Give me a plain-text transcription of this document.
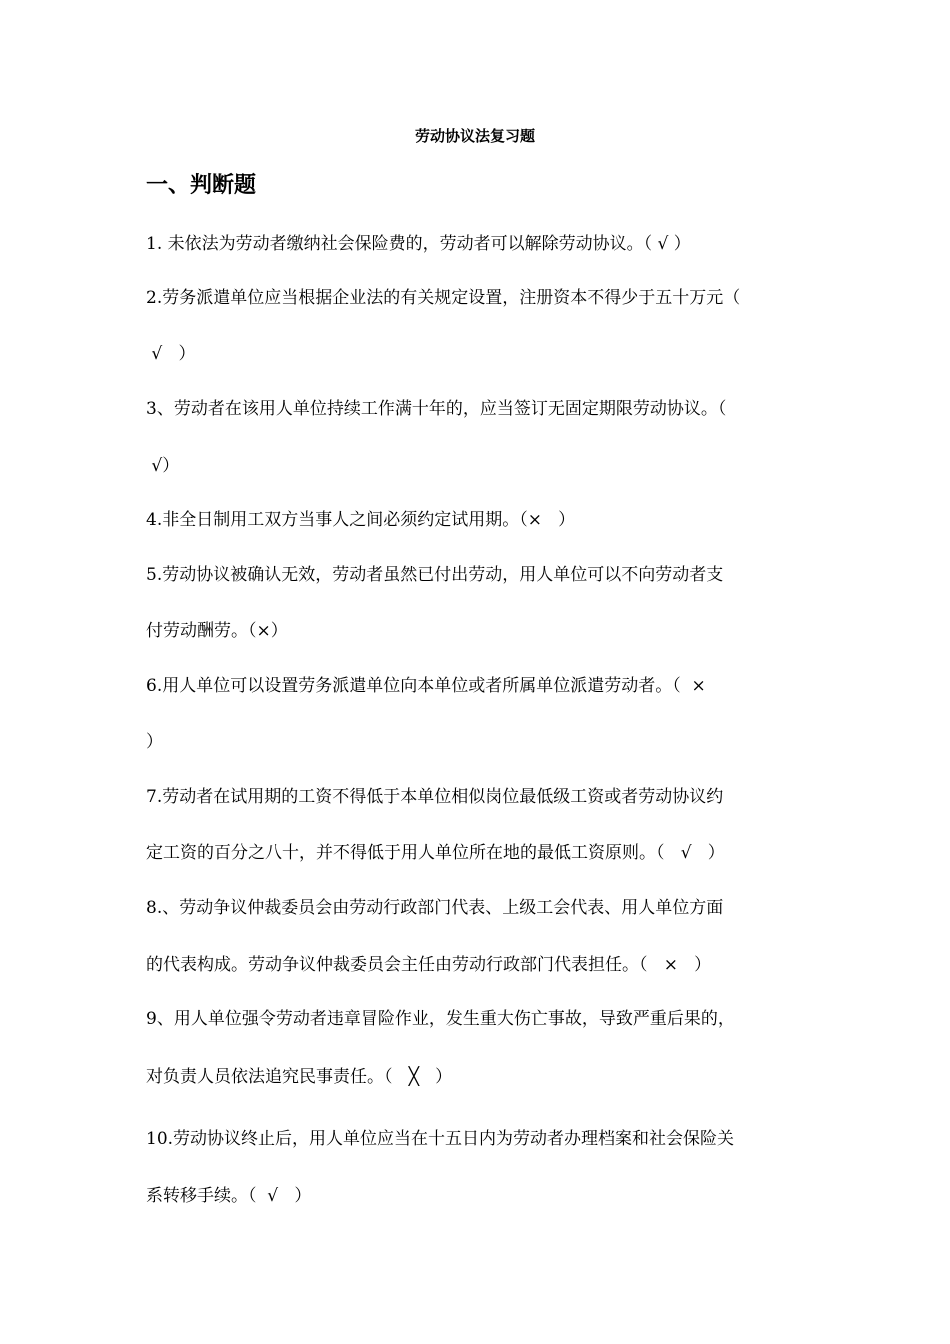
劳动协议法复习题
一、判断题
1. 未依法为劳动者缴纳社会保险费的，劳动者可以解除劳动协议。（ √ ）
2.劳务派遣单位应当根据企业法的有关规定设置，注册资本不得少于五十万元（
√   ）
3、劳动者在该用人单位持续工作满十年的，应当签订无固定期限劳动协议。（
√）
4.非全日制用工双方当事人之间必须约定试用期。（×   ）
5.劳动协议被确认无效，劳动者虽然已付出劳动，用人单位可以不向劳动者支
付劳动酬劳。（×）
6.用人单位可以设置劳务派遣单位向本单位或者所属单位派遣劳动者。（  ×
）
7.劳动者在试用期的工资不得低于本单位相似岗位最低级工资或者劳动协议约
定工资的百分之八十，并不得低于用人单位所在地的最低工资原则。（   √   ）
8.、劳动争议仲裁委员会由劳动行政部门代表、上级工会代表、用人单位方面
的代表构成。劳动争议仲裁委员会主任由劳动行政部门代表担任。（   ×   ）
9、用人单位强令劳动者违章冒险作业，发生重大伤亡事故，导致严重后果的，
对负责人员依法追究民事责任。（   ╳   ）
10.劳动协议终止后，用人单位应当在十五日内为劳动者办理档案和社会保险关
系转移手续。（  √   ）
